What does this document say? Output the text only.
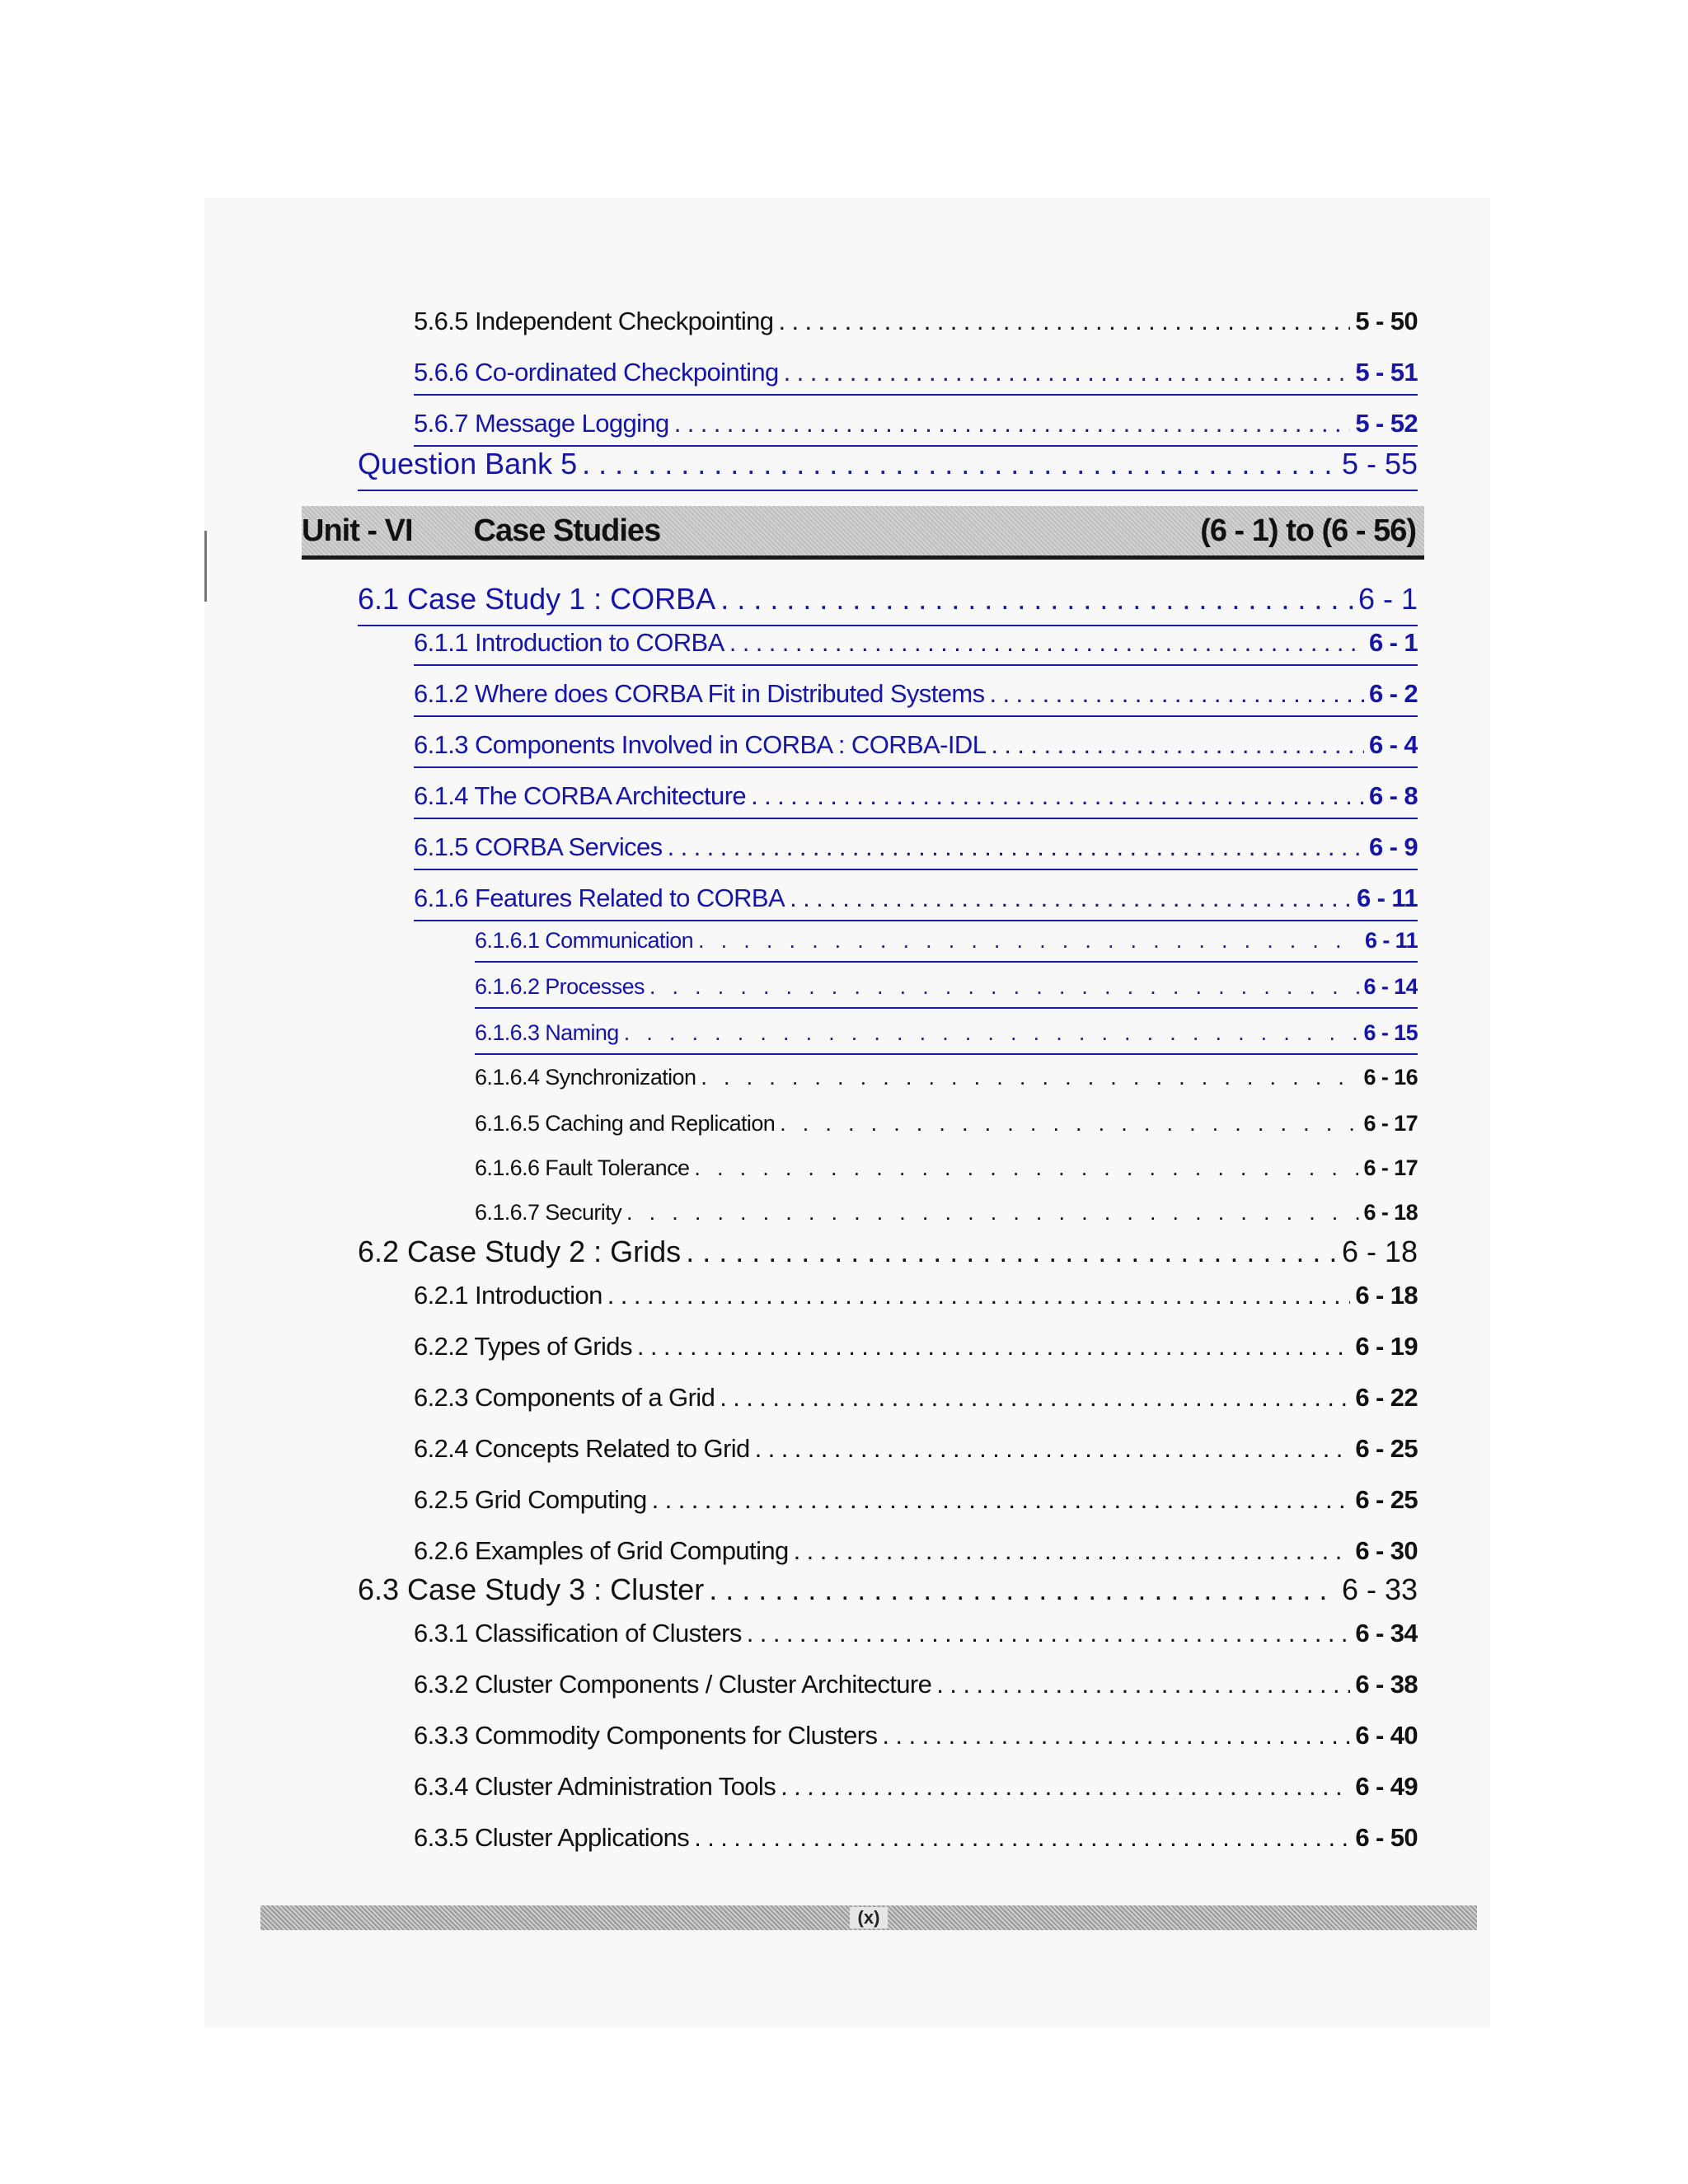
5.6.5 Independent Checkpointing . . .	5 - 50
5.6.6 Co-ordinated Checkpointing . . .	5 - 51
5.6.7 Message Logging . . .	5 - 52
Question Bank 5 . . .	5 - 55
Unit - VI Case Studies	(6 - 1) to (6 - 56)
6.1 Case Study 1 : CORBA . . .	6 - 1
6.1.1 Introduction to CORBA . . .	6 - 1
6.1.2 Where does CORBA Fit in Distributed Systems . . .	6 - 2
6.1.3 Components Involved in CORBA : CORBA-IDL . . .	6 - 4
6.1.4 The CORBA Architecture . . .	6 - 8
6.1.5 CORBA Services . . .	6 - 9
6.1.6 Features Related to CORBA . . .	6 - 11
6.1.6.1 Communication . .	6 - 11
6.1.6.2 Processes . .	6 - 14
6.1.6.3 Naming . .	6 - 15
6.1.6.4 Synchronization . .	6 - 16
6.1.6.5 Caching and Replication . .	6 - 17
6.1.6.6 Fault Tolerance . .	6 - 17
6.1.6.7 Security . .	6 - 18
6.2 Case Study 2 : Grids . . .	6 - 18
6.2.1 Introduction . . .	6 - 18
6.2.2 Types of Grids . . .	6 - 19
6.2.3 Components of a Grid . . .	6 - 22
6.2.4 Concepts Related to Grid . . .	6 - 25
6.2.5 Grid Computing . . .	6 - 25
6.2.6 Examples of Grid Computing . . .	6 - 30
6.3 Case Study 3 : Cluster . . .	6 - 33
6.3.1 Classification of Clusters . . .	6 - 34
6.3.2 Cluster Components / Cluster Architecture . . .	6 - 38
6.3.3 Commodity Components for Clusters . . .	6 - 40
6.3.4 Cluster Administration Tools . . .	6 - 49
6.3.5 Cluster Applications . . .	6 - 50
(x)
